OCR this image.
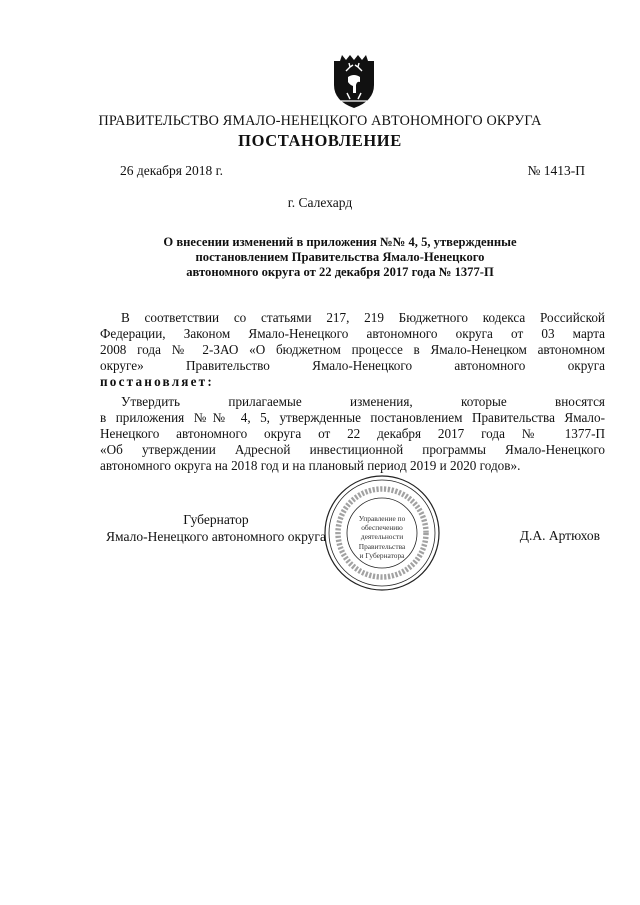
ПРАВИТЕЛЬСТВО ЯМАЛО-НЕНЕЦКОГО АВТОНОМНОГО ОКРУГА
ПОСТАНОВЛЕНИЕ
26 декабря 2018 г.	№ 1413-П
г. Салехард
О внесении изменений в приложения №№ 4, 5, утвержденные
постановлением Правительства Ямало-Ненецкого
автономного округа от 22 декабря 2017 года № 1377-П
В соответствии со статьями 217, 219 Бюджетного кодекса Российской
Федерации, Законом Ямало-Ненецкого автономного округа от 03 марта
2008 года № 2-ЗАО «О бюджетном процессе в Ямало-Ненецком автономном
округе» Правительство Ямало-Ненецкого автономного округа
постановляет:
Утвердить прилагаемые изменения, которые вносятся
в приложения №№ 4, 5, утвержденные постановлением Правительства Ямало-
Ненецкого автономного округа от 22 декабря 2017 года № 1377-П
«Об утверждении Адресной инвестиционной программы Ямало-Ненецкого
автономного округа на 2018 год и на плановый период 2019 и 2020 годов».
Губернатор
Ямало-Ненецкого автономного округа	Д.А. Артюхов
Управление по
обеспечению
деятельности
Правительства
и Губернатора
